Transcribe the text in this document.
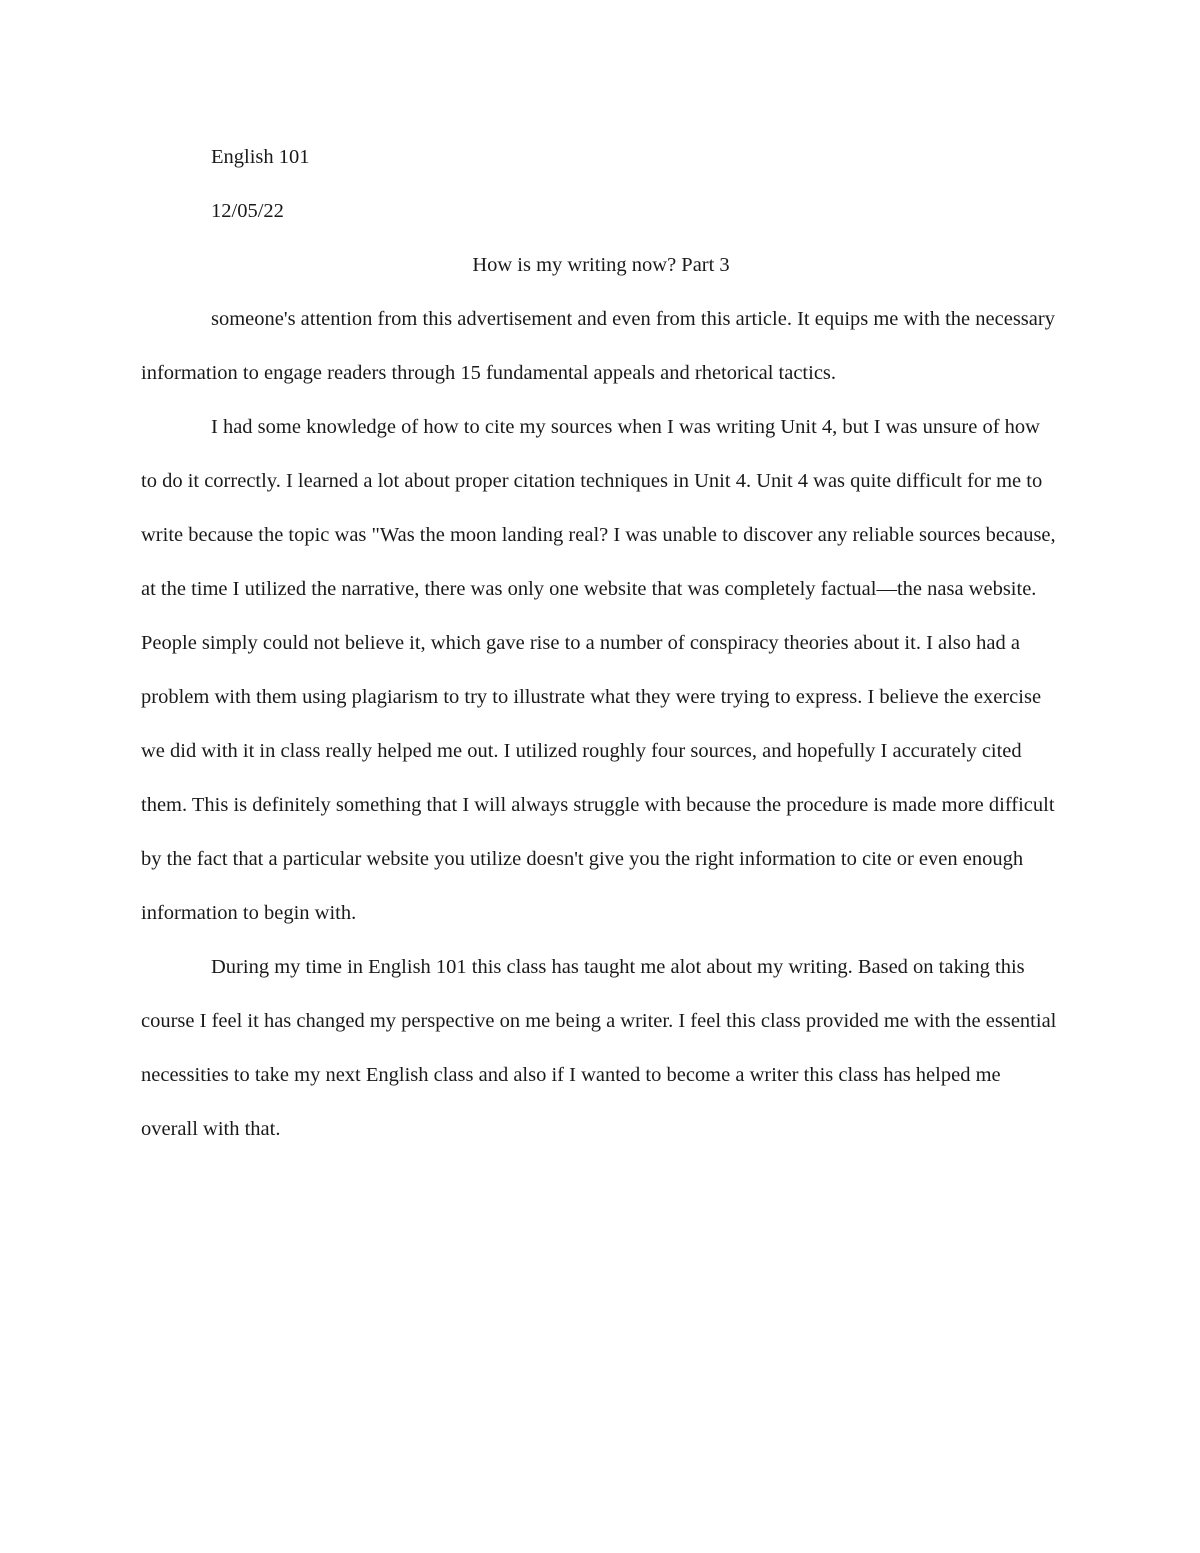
English 101

12/05/22

How is my writing now? Part 3

someone's attention from this advertisement and even from this article. It equips me with the necessary information to engage readers through 15 fundamental appeals and rhetorical tactics.

I had some knowledge of how to cite my sources when I was writing Unit 4, but I was unsure of how to do it correctly. I learned a lot about proper citation techniques in Unit 4. Unit 4 was quite difficult for me to write because the topic was "Was the moon landing real? I was unable to discover any reliable sources because, at the time I utilized the narrative, there was only one website that was completely factual—the nasa website. People simply could not believe it, which gave rise to a number of conspiracy theories about it. I also had a problem with them using plagiarism to try to illustrate what they were trying to express. I believe the exercise we did with it in class really helped me out. I utilized roughly four sources, and hopefully I accurately cited them. This is definitely something that I will always struggle with because the procedure is made more difficult by the fact that a particular website you utilize doesn't give you the right information to cite or even enough information to begin with.

During my time in English 101 this class has taught me alot about my writing. Based on taking this course I feel it has changed my perspective on me being a writer. I feel this class provided me with the essential necessities to take my next English class and also if I wanted to become a writer this class has helped me overall with that.
